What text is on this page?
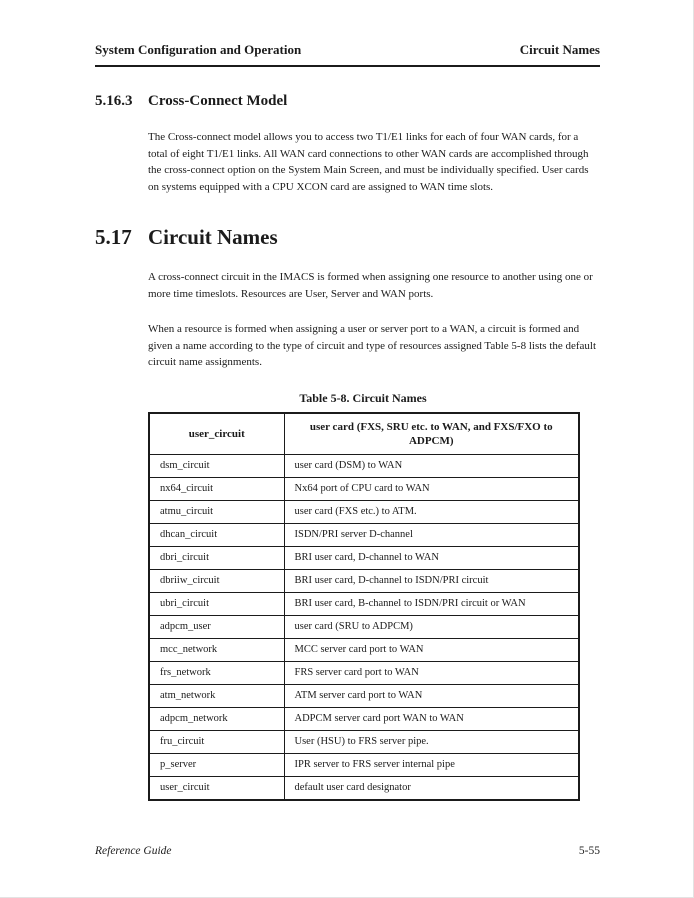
System Configuration and Operation	Circuit Names
5.16.3	Cross-Connect Model

The Cross-connect model allows you to access two T1/E1 links for each of four WAN cards, for a total of eight T1/E1 links. All WAN card connections to other WAN cards are accomplished through the cross-connect option on the System Main Screen, and must be individually specified. User cards on systems equipped with a CPU XCON card are assigned to WAN time slots.

5.17 Circuit Names

A cross-connect circuit in the IMACS is formed when assigning one resource to another using one or more time timeslots. Resources are User, Server and WAN ports.

When a resource is formed when assigning a user or server port to a WAN, a circuit is formed and given a name according to the type of circuit and type of resources assigned Table 5-8 lists the default circuit name assignments.

Table 5-8. Circuit Names
user_circuit	user card (FXS, SRU etc. to WAN, and FXS/FXO to ADPCM)
dsm_circuit	user card (DSM) to WAN
nx64_circuit	Nx64 port of CPU card to WAN
atmu_circuit	user card (FXS etc.) to ATM.
dhcan_circuit	ISDN/PRI server D-channel
dbri_circuit	BRI user card, D-channel to WAN
dbriiw_circuit	BRI user card, D-channel to ISDN/PRI circuit
ubri_circuit	BRI user card, B-channel to ISDN/PRI circuit or WAN
adpcm_user	user card (SRU to ADPCM)
mcc_network	MCC server card port to WAN
frs_network	FRS server card port to WAN
atm_network	ATM server card port to WAN
adpcm_network	ADPCM server card port WAN to WAN
fru_circuit	User (HSU) to FRS server pipe.
p_server	IPR server to FRS server internal pipe
user_circuit	default user card designator
Reference Guide	5-55
